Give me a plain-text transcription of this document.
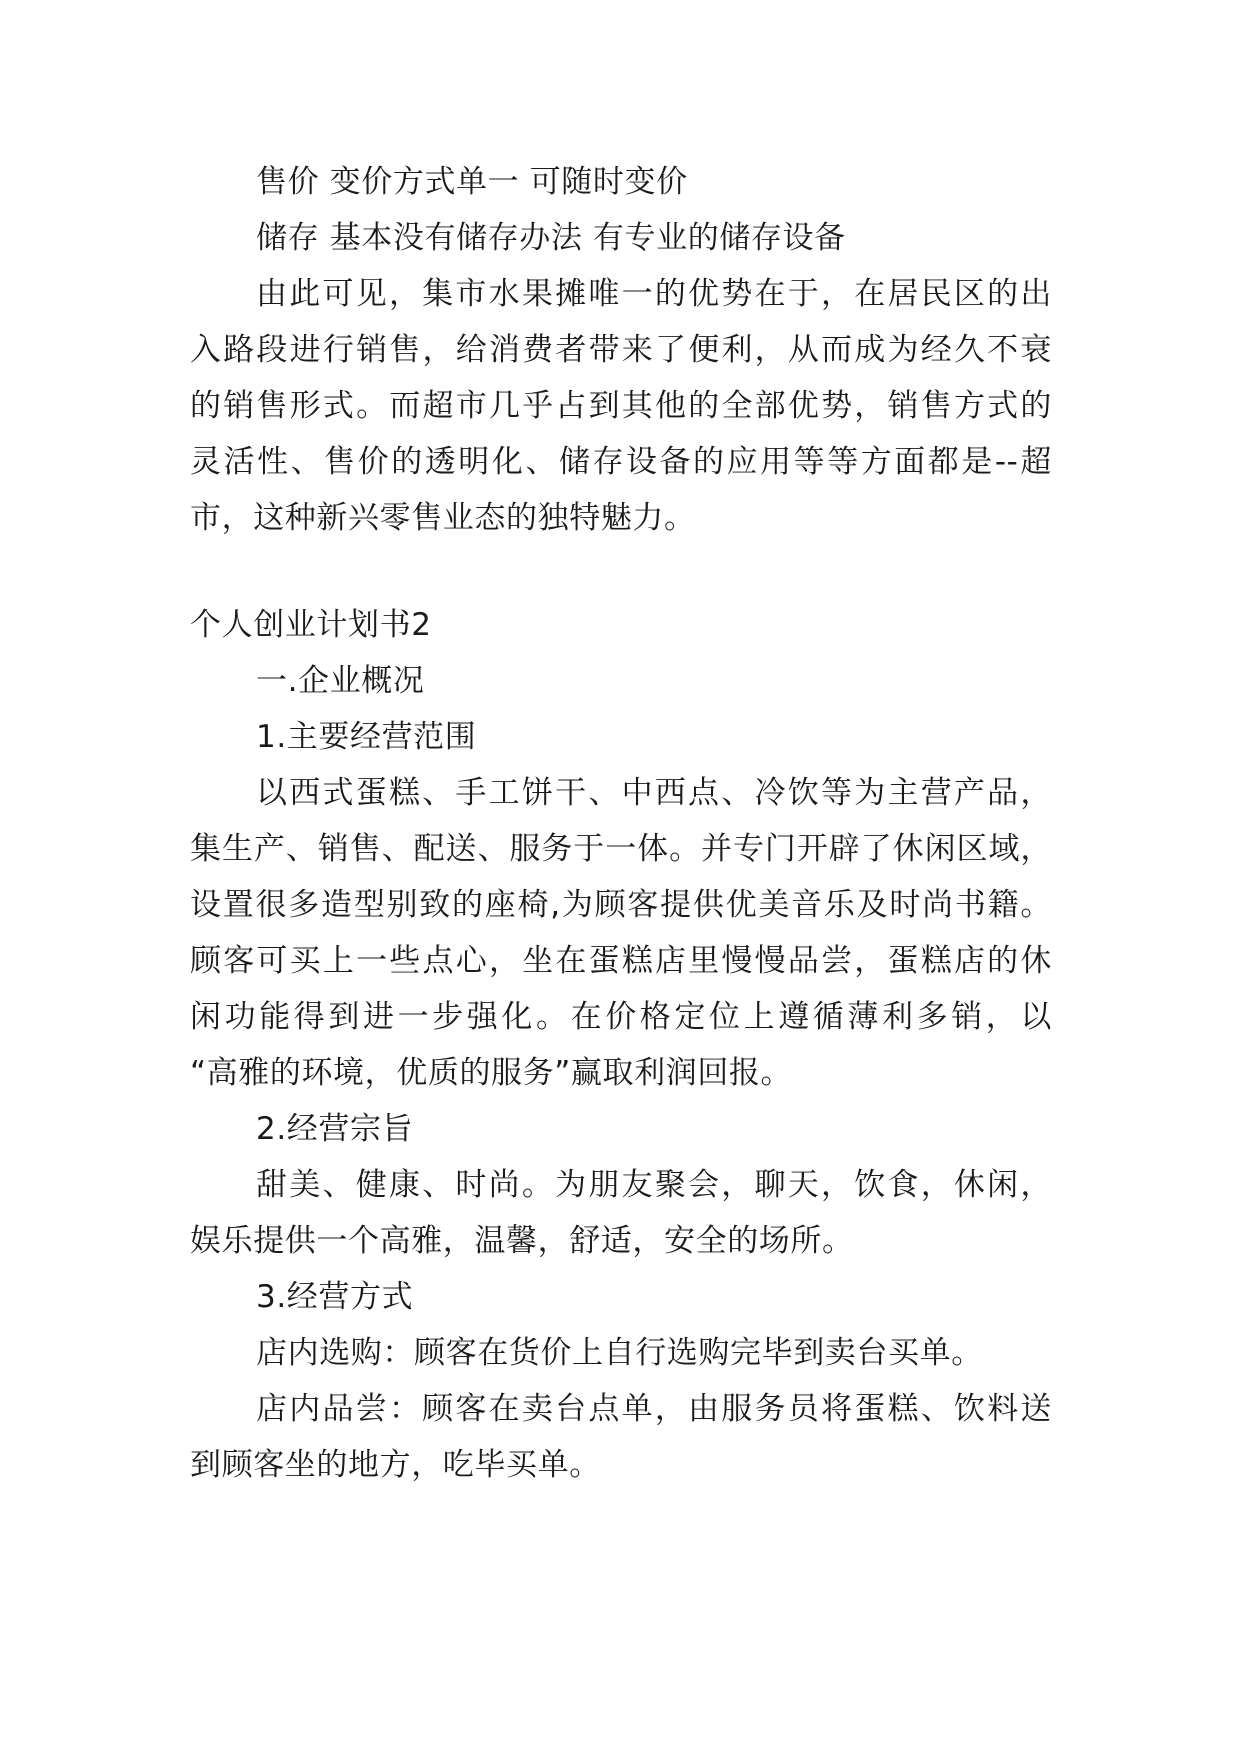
售价 变价方式单一 可随时变价
储存 基本没有储存办法 有专业的储存设备
由此可见，集市水果摊唯一的优势在于，在居民区的出
入路段进行销售，给消费者带来了便利，从而成为经久不衰
的销售形式。而超市几乎占到其他的全部优势，销售方式的
灵活性、售价的透明化、储存设备的应用等等方面都是--超
市，这种新兴零售业态的独特魅力。
个人创业计划书2
一.企业概况
1.主要经营范围
以西式蛋糕、手工饼干、中西点、冷饮等为主营产品，
集生产、销售、配送、服务于一体。并专门开辟了休闲区域，
设置很多造型别致的座椅,为顾客提供优美音乐及时尚书籍。
顾客可买上一些点心，坐在蛋糕店里慢慢品尝，蛋糕店的休
闲功能得到进一步强化。在价格定位上遵循薄利多销，以
“高雅的环境，优质的服务”赢取利润回报。
2.经营宗旨
甜美、健康、时尚。为朋友聚会，聊天，饮食，休闲，
娱乐提供一个高雅，温馨，舒适，安全的场所。
3.经营方式
店内选购：顾客在货价上自行选购完毕到卖台买单。
店内品尝：顾客在卖台点单，由服务员将蛋糕、饮料送
到顾客坐的地方，吃毕买单。
